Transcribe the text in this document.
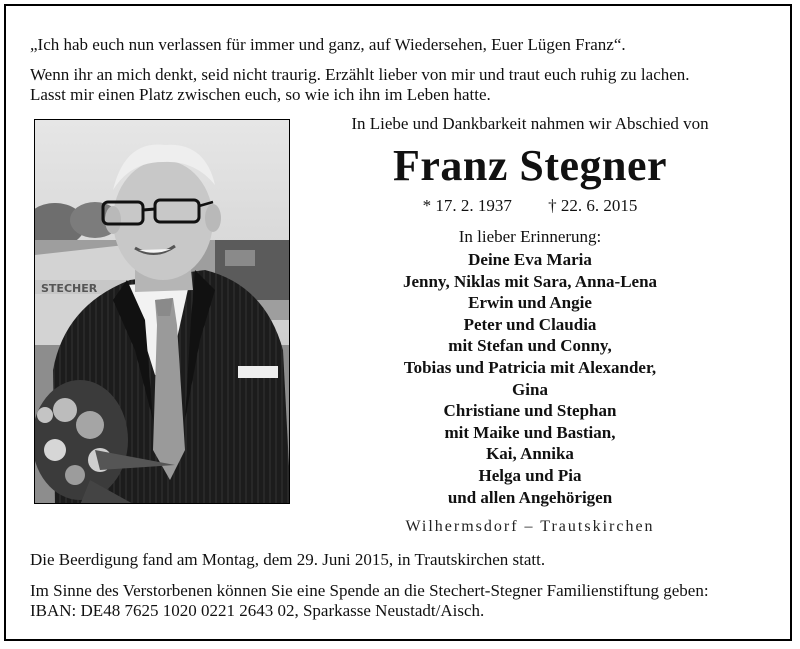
„Ich hab euch nun verlassen für immer und ganz, auf Wiedersehen, Euer Lügen Franz“.
Wenn ihr an mich denkt, seid nicht traurig. Erzählt lieber von mir und traut euch ruhig zu lachen.
Lasst mir einen Platz zwischen euch, so wie ich ihn im Leben hatte.
STECHER
In Liebe und Dankbarkeit nahmen wir Abschied von
Franz Stegner
* 17. 2. 1937 † 22. 6. 2015
In lieber Erinnerung:
Deine Eva Maria
Jenny, Niklas mit Sara, Anna-Lena
Erwin und Angie
Peter und Claudia
mit Stefan und Conny,
Tobias und Patricia mit Alexander,
Gina
Christiane und Stephan
mit Maike und Bastian,
Kai, Annika
Helga und Pia
und allen Angehörigen
Wilhermsdorf – Trautskirchen
Die Beerdigung fand am Montag, dem 29. Juni 2015, in Trautskirchen statt.
Im Sinne des Verstorbenen können Sie eine Spende an die Stechert-Stegner Familienstiftung geben:
IBAN: DE48 7625 1020 0221 2643 02, Sparkasse Neustadt/Aisch.
